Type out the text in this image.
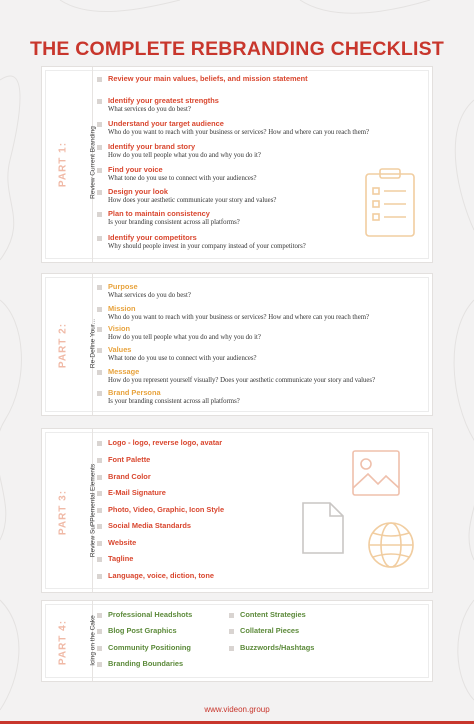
THE COMPLETE REBRANDING CHECKLIST
PART 1:	Review Current Branding
Review your main values, beliefs, and mission statement
Identify your greatest strengths
What services do you do best?
Understand your target audience
Who do you want to reach with your business or services? How and where can you reach them?
Identify your brand story
How do you tell people what you do and why you do it?
Find your voice
What tone do you use to connect with your audiences?
Design your look
How does your aesthetic communicate your story and values?
Plan to maintain consistency
Is your branding consistent across all platforms?
Identify your competitors
Why should people invest in your company instead of your competitors?
PART 2:	Re-Define Your...
Purpose
What services do you do best?
Mission
Who do you want to reach with your business or services? How and where can you reach them?
Vision
How do you tell people what you do and why you do it?
Values
What tone do you use to connect with your audiences?
Message
How do you represent yourself visually? Does your aesthetic communicate your story and values?
Brand Persona
Is your branding consistent across all platforms?
PART 3:	Review SuPPlemental Elements
Logo - logo, reverse logo, avatar
Font Palette
Brand Color
E-Mail Signature
Photo, Video, Graphic, Icon Style
Social Media Standards
Website
Tagline
Language, voice, diction, tone
PART 4:	Icing on the Cake
Professional Headshots
Blog Post Graphics
Community Positioning
Branding Boundaries
Content Strategies
Collateral Pieces
Buzzwords/Hashtags
www.videon.group
